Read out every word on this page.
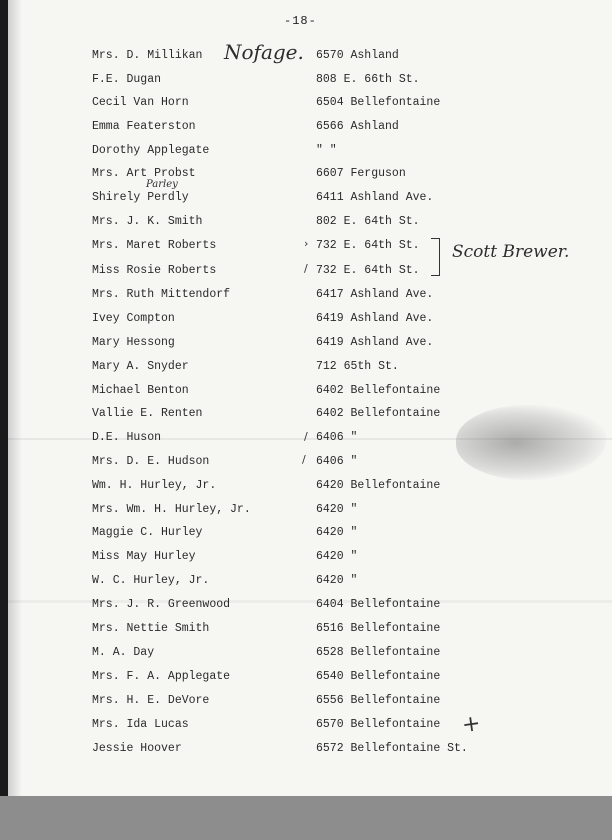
-18-
Mrs. D. Millikan	6570 Ashland
F.E. Dugan	808 E. 66th St.
Cecil Van Horn	6504 Bellefontaine
Emma Featerston	6566 Ashland
Dorothy Applegate	" "
Mrs. Art Probst	6607 Ferguson
Shirely Perdly	6411 Ashland Ave.
Mrs. J. K. Smith	802 E. 64th St.
Mrs. Maret Roberts	732 E. 64th St.
Miss Rosie Roberts	732 E. 64th St.
Mrs. Ruth Mittendorf	6417 Ashland Ave.
Ivey Compton	6419 Ashland Ave.
Mary Hessong	6419 Ashland Ave.
Mary A. Snyder	712 65th St.
Michael Benton	6402 Bellefontaine
Vallie E. Renten	6402 Bellefontaine
D.E. Huson	6406 "
Mrs. D. E. Hudson	6406 "
Wm. H. Hurley, Jr.	6420 Bellefontaine
Mrs. Wm. H. Hurley, Jr.	6420 "
Maggie C. Hurley	6420 "
Miss May Hurley	6420 "
W. C. Hurley, Jr.	6420 "
Mrs. J. R. Greenwood	6404 Bellefontaine
Mrs. Nettie Smith	6516 Bellefontaine
M. A. Day	6528 Bellefontaine
Mrs. F. A. Applegate	6540 Bellefontaine
Mrs. H. E. DeVore	6556 Bellefontaine
Mrs. Ida Lucas	6570 Bellefontaine
Jessie Hoover	6572 Bellefontaine St.
Nofage.
Parley
Scott Brewer.
›
/
/
/
+
